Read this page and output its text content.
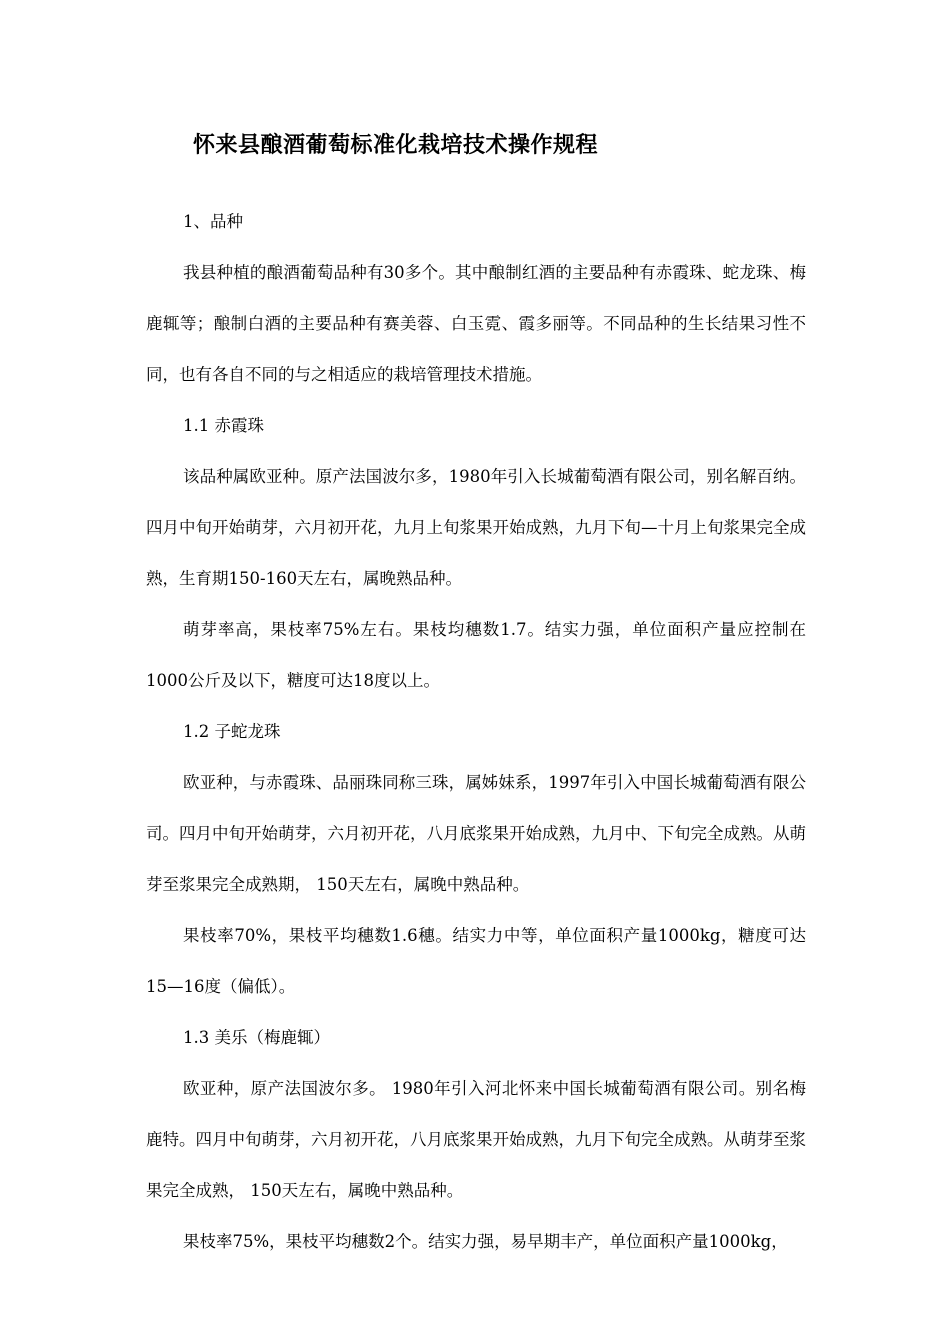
怀来县酿酒葡萄标准化栽培技术操作规程

1、品种

我县种植的酿酒葡萄品种有30多个。其中酿制红酒的主要品种有赤霞珠、蛇龙珠、梅鹿辄等；酿制白酒的主要品种有赛美蓉、白玉霓、霞多丽等。不同品种的生长结果习性不同，也有各自不同的与之相适应的栽培管理技术措施。

1.1 赤霞珠

该品种属欧亚种。原产法国波尔多，1980年引入长城葡萄酒有限公司，别名解百纳。四月中旬开始萌芽，六月初开花，九月上旬浆果开始成熟，九月下旬—十月上旬浆果完全成熟，生育期150-160天左右，属晚熟品种。

萌芽率高，果枝率75%左右。果枝均穗数1.7。结实力强，单位面积产量应控制在1000公斤及以下，糖度可达18度以上。

1.2 子蛇龙珠

欧亚种，与赤霞珠、品丽珠同称三珠，属姊妹系，1997年引入中国长城葡萄酒有限公司。四月中旬开始萌芽，六月初开花，八月底浆果开始成熟，九月中、下旬完全成熟。从萌芽至浆果完全成熟期， 150天左右，属晚中熟品种。

果枝率70%，果枝平均穗数1.6穗。结实力中等，单位面积产量1000kg，糖度可达15—16度（偏低）。

1.3 美乐（梅鹿辄）

欧亚种，原产法国波尔多。 1980年引入河北怀来中国长城葡萄酒有限公司。别名梅鹿特。四月中旬萌芽，六月初开花，八月底浆果开始成熟，九月下旬完全成熟。从萌芽至浆果完全成熟， 150天左右，属晚中熟品种。

果枝率75%，果枝平均穗数2个。结实力强，易早期丰产，单位面积产量1000kg，
